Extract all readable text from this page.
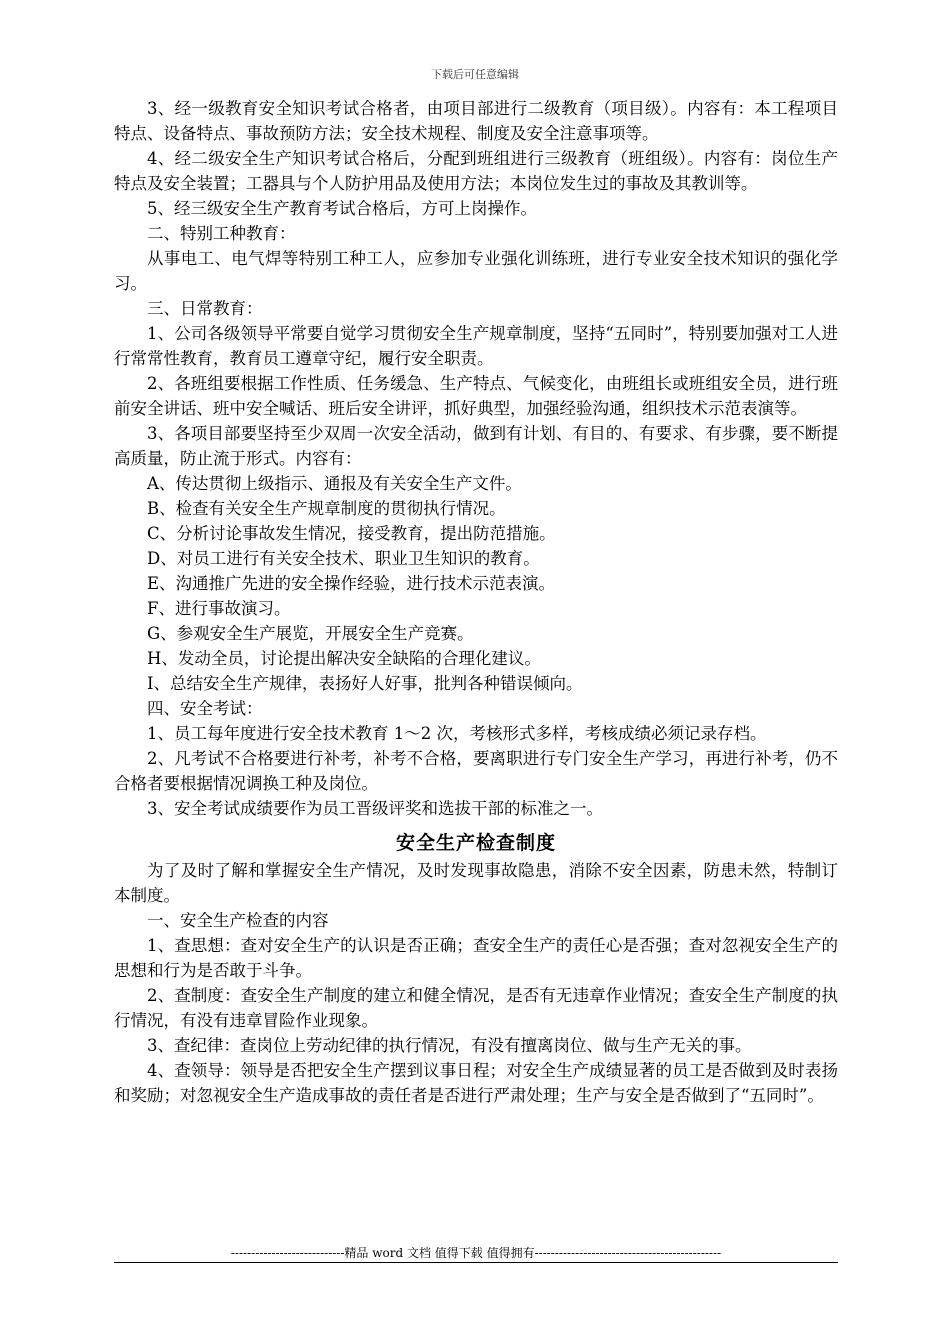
下载后可任意编辑

3、经一级教育安全知识考试合格者，由项目部进行二级教育（项目级）。内容有：本工程项目特点、设备特点、事故预防方法；安全技术规程、制度及安全注意事项等。

4、经二级安全生产知识考试合格后，分配到班组进行三级教育（班组级）。内容有：岗位生产特点及安全装置；工器具与个人防护用品及使用方法；本岗位发生过的事故及其教训等。

5、经三级安全生产教育考试合格后，方可上岗操作。

二、特别工种教育：

从事电工、电气焊等特别工种工人，应参加专业强化训练班，进行专业安全技术知识的强化学习。

三、日常教育：

1、公司各级领导平常要自觉学习贯彻安全生产规章制度，坚持“五同时”，特别要加强对工人进行常常性教育，教育员工遵章守纪，履行安全职责。

2、各班组要根据工作性质、任务缓急、生产特点、气候变化，由班组长或班组安全员，进行班前安全讲话、班中安全喊话、班后安全讲评，抓好典型，加强经验沟通，组织技术示范表演等。

3、各项目部要坚持至少双周一次安全活动，做到有计划、有目的、有要求、有步骤，要不断提高质量，防止流于形式。内容有：

A、传达贯彻上级指示、通报及有关安全生产文件。

B、检查有关安全生产规章制度的贯彻执行情况。

C、分析讨论事故发生情况，接受教育，提出防范措施。

D、对员工进行有关安全技术、职业卫生知识的教育。

E、沟通推广先进的安全操作经验，进行技术示范表演。

F、进行事故演习。

G、参观安全生产展览，开展安全生产竞赛。

H、发动全员，讨论提出解决安全缺陷的合理化建议。

I、总结安全生产规律，表扬好人好事，批判各种错误倾向。

四、安全考试：

1、员工每年度进行安全技术教育 1～2 次，考核形式多样，考核成绩必须记录存档。

2、凡考试不合格要进行补考，补考不合格，要离职进行专门安全生产学习，再进行补考，仍不合格者要根据情况调换工种及岗位。

3、安全考试成绩要作为员工晋级评奖和选拔干部的标准之一。

安全生产检查制度

为了及时了解和掌握安全生产情况，及时发现事故隐患，消除不安全因素，防患未然，特制订本制度。

一、安全生产检查的内容

1、查思想：查对安全生产的认识是否正确；查安全生产的责任心是否强；查对忽视安全生产的思想和行为是否敢于斗争。

2、查制度：查安全生产制度的建立和健全情况，是否有无违章作业情况；查安全生产制度的执行情况，有没有违章冒险作业现象。

3、查纪律：查岗位上劳动纪律的执行情况，有没有擅离岗位、做与生产无关的事。

4、查领导：领导是否把安全生产摆到议事日程；对安全生产成绩显著的员工是否做到及时表扬和奖励；对忽视安全生产造成事故的责任者是否进行严肃处理；生产与安全是否做到了“五同时”。

----------------------------精品 word 文档 值得下载 值得拥有----------------------------------------------
